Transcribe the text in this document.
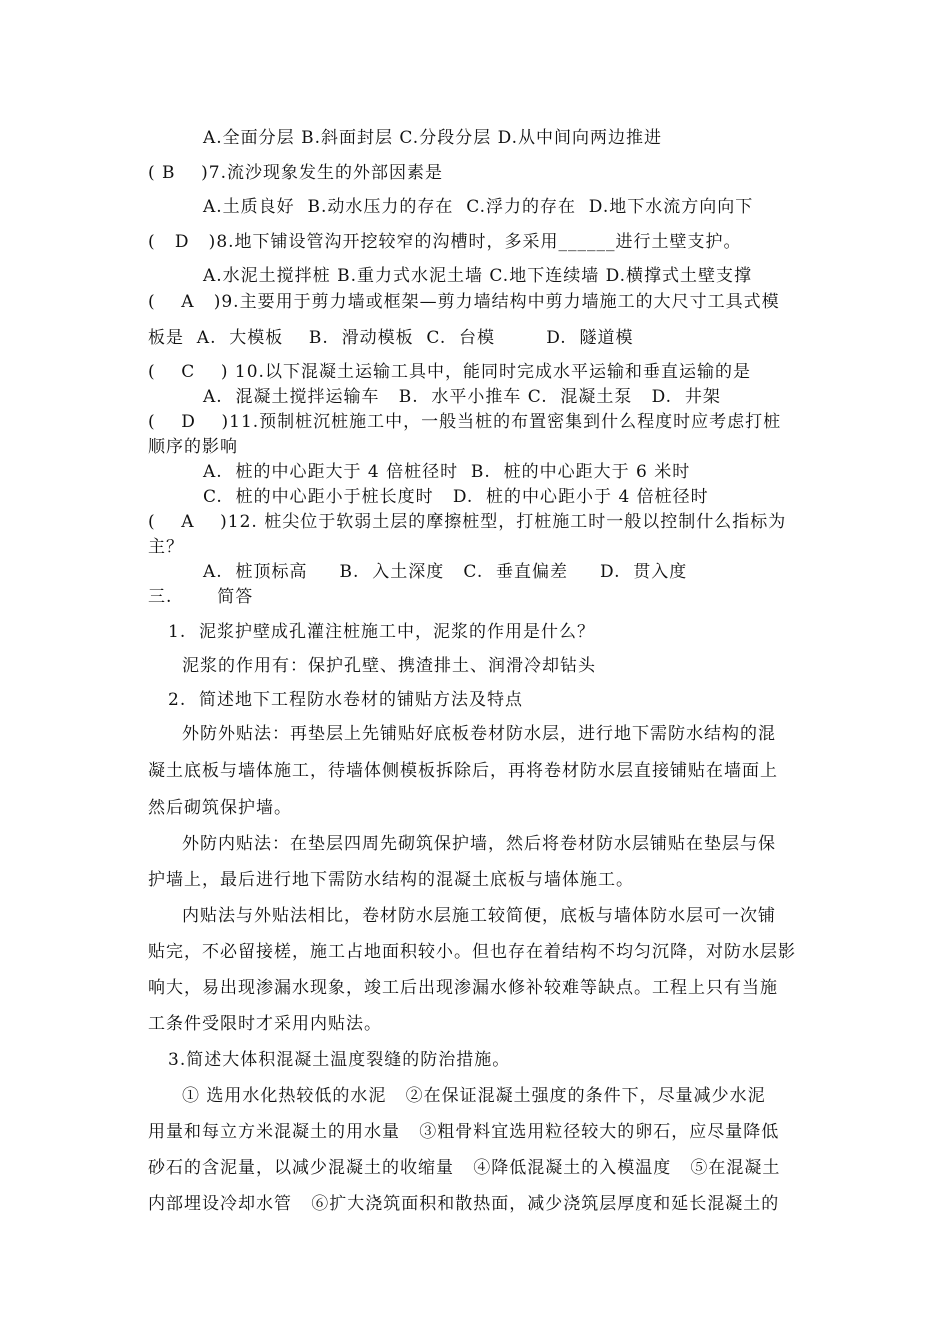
A.全面分层 B.斜面封层 C.分段分层 D.从中间向两边推进
( B    )7.流沙现象发生的外部因素是
A.土质良好  B.动水压力的存在  C.浮力的存在  D.地下水流方向向下
(   D   )8.地下铺设管沟开挖较窄的沟槽时，多采用______进行土壁支护。
A.水泥土搅拌桩 B.重力式水泥土墙 C.地下连续墙 D.横撑式土壁支撑
(    A   )9.主要用于剪力墙或框架—剪力墙结构中剪力墙施工的大尺寸工具式模
板是  A.  大模板    B.  滑动模板  C.  台模        D.  隧道模
(    C    ) 10.以下混凝土运输工具中，能同时完成水平运输和垂直运输的是
A.  混凝土搅拌运输车   B.  水平小推车 C.  混凝土泵   D.  井架
(    D    )11.预制桩沉桩施工中，一般当桩的布置密集到什么程度时应考虑打桩
顺序的影响
A.  桩的中心距大于 4 倍桩径时  B.  桩的中心距大于 6 米时
C.  桩的中心距小于桩长度时   D.  桩的中心距小于 4 倍桩径时
(    A    )12. 桩尖位于软弱土层的摩擦桩型，打桩施工时一般以控制什么指标为
主？
A.  桩顶标高     B.  入土深度   C.  垂直偏差     D.  贯入度
三.       简答
1.  泥浆护壁成孔灌注桩施工中，泥浆的作用是什么？
泥浆的作用有：保护孔壁、携渣排土、润滑冷却钻头
2.  简述地下工程防水卷材的铺贴方法及特点
外防外贴法：再垫层上先铺贴好底板卷材防水层，进行地下需防水结构的混
凝土底板与墙体施工，待墙体侧模板拆除后，再将卷材防水层直接铺贴在墙面上
然后砌筑保护墙。
外防内贴法：在垫层四周先砌筑保护墙，然后将卷材防水层铺贴在垫层与保
护墙上，最后进行地下需防水结构的混凝土底板与墙体施工。
内贴法与外贴法相比，卷材防水层施工较简便，底板与墙体防水层可一次铺
贴完，不必留接槎，施工占地面积较小。但也存在着结构不均匀沉降，对防水层影
响大，易出现渗漏水现象，竣工后出现渗漏水修补较难等缺点。工程上只有当施
工条件受限时才采用内贴法。
3.简述大体积混凝土温度裂缝的防治措施。
① 选用水化热较低的水泥   ②在保证混凝土强度的条件下，尽量减少水泥
用量和每立方米混凝土的用水量   ③粗骨料宜选用粒径较大的卵石，应尽量降低
砂石的含泥量，以减少混凝土的收缩量   ④降低混凝土的入模温度   ⑤在混凝土
内部埋设冷却水管   ⑥扩大浇筑面积和散热面，减少浇筑层厚度和延长混凝土的
